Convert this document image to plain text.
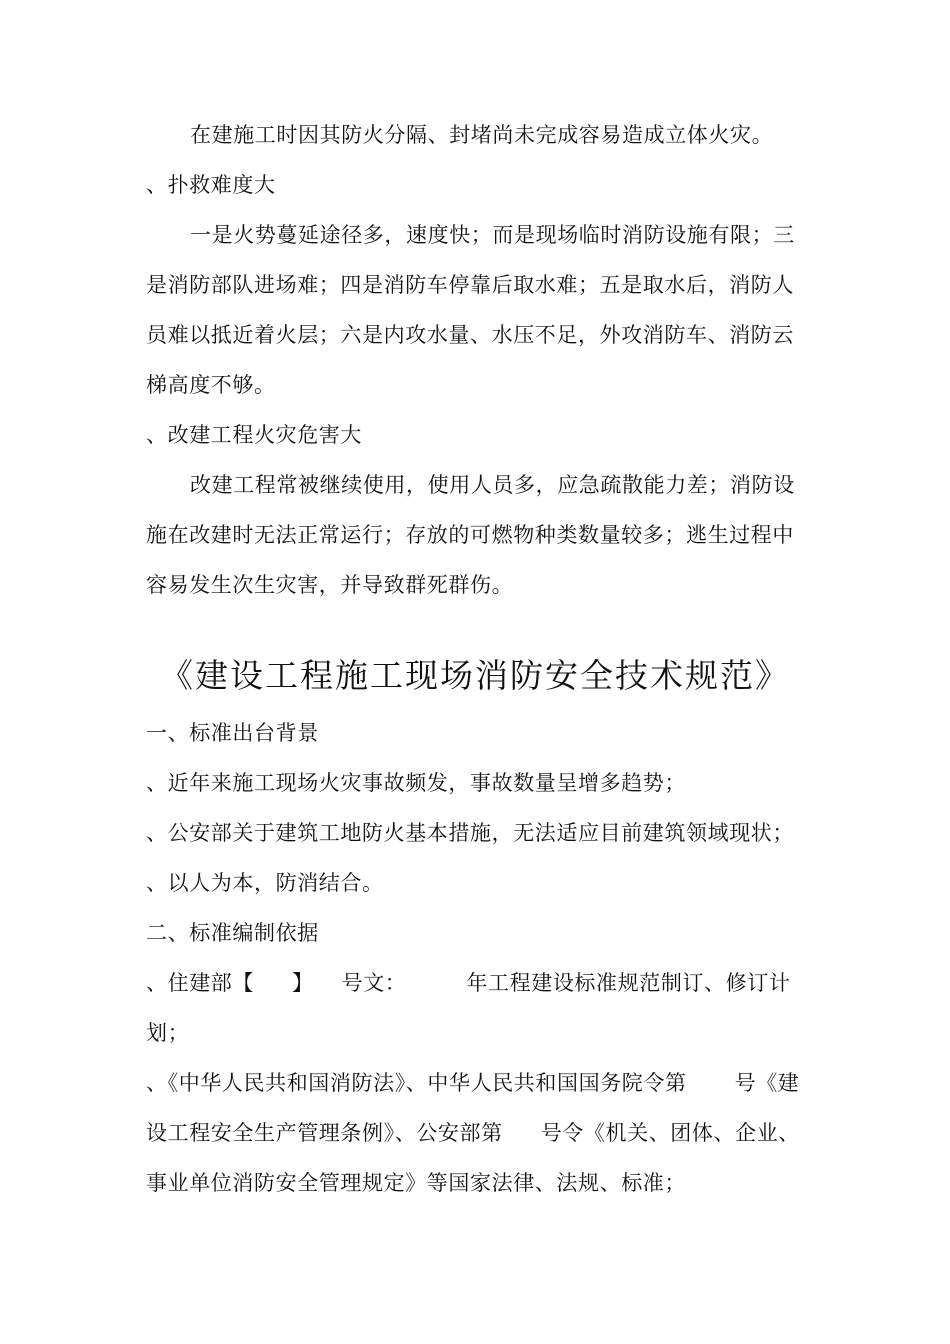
在建施工时因其防火分隔、封堵尚未完成容易造成立体火灾。
、扑救难度大
一是火势蔓延途径多，速度快；而是现场临时消防设施有限；三
是消防部队进场难；四是消防车停靠后取水难；五是取水后，消防人
员难以抵近着火层；六是内攻水量、水压不足，外攻消防车、消防云
梯高度不够。
、改建工程火灾危害大
改建工程常被继续使用，使用人员多，应急疏散能力差；消防设
施在改建时无法正常运行；存放的可燃物种类数量较多；逃生过程中
容易发生次生灾害，并导致群死群伤。
《建设工程施工现场消防安全技术规范》
一、标准出台背景
、近年来施工现场火灾事故频发，事故数量呈增多趋势；
、公安部关于建筑工地防火基本措施，无法适应目前建筑领域现状；
、以人为本，防消结合。
二、标准编制依据
、住建部【 】 号文：	年工程建设标准规范制订、修订计
划；
、《中华人民共和国消防法》、中华人民共和国国务院令第 号《建
设工程安全生产管理条例》、公安部第 号令《机关、团体、企业、
事业单位消防安全管理规定》等国家法律、法规、标准；
